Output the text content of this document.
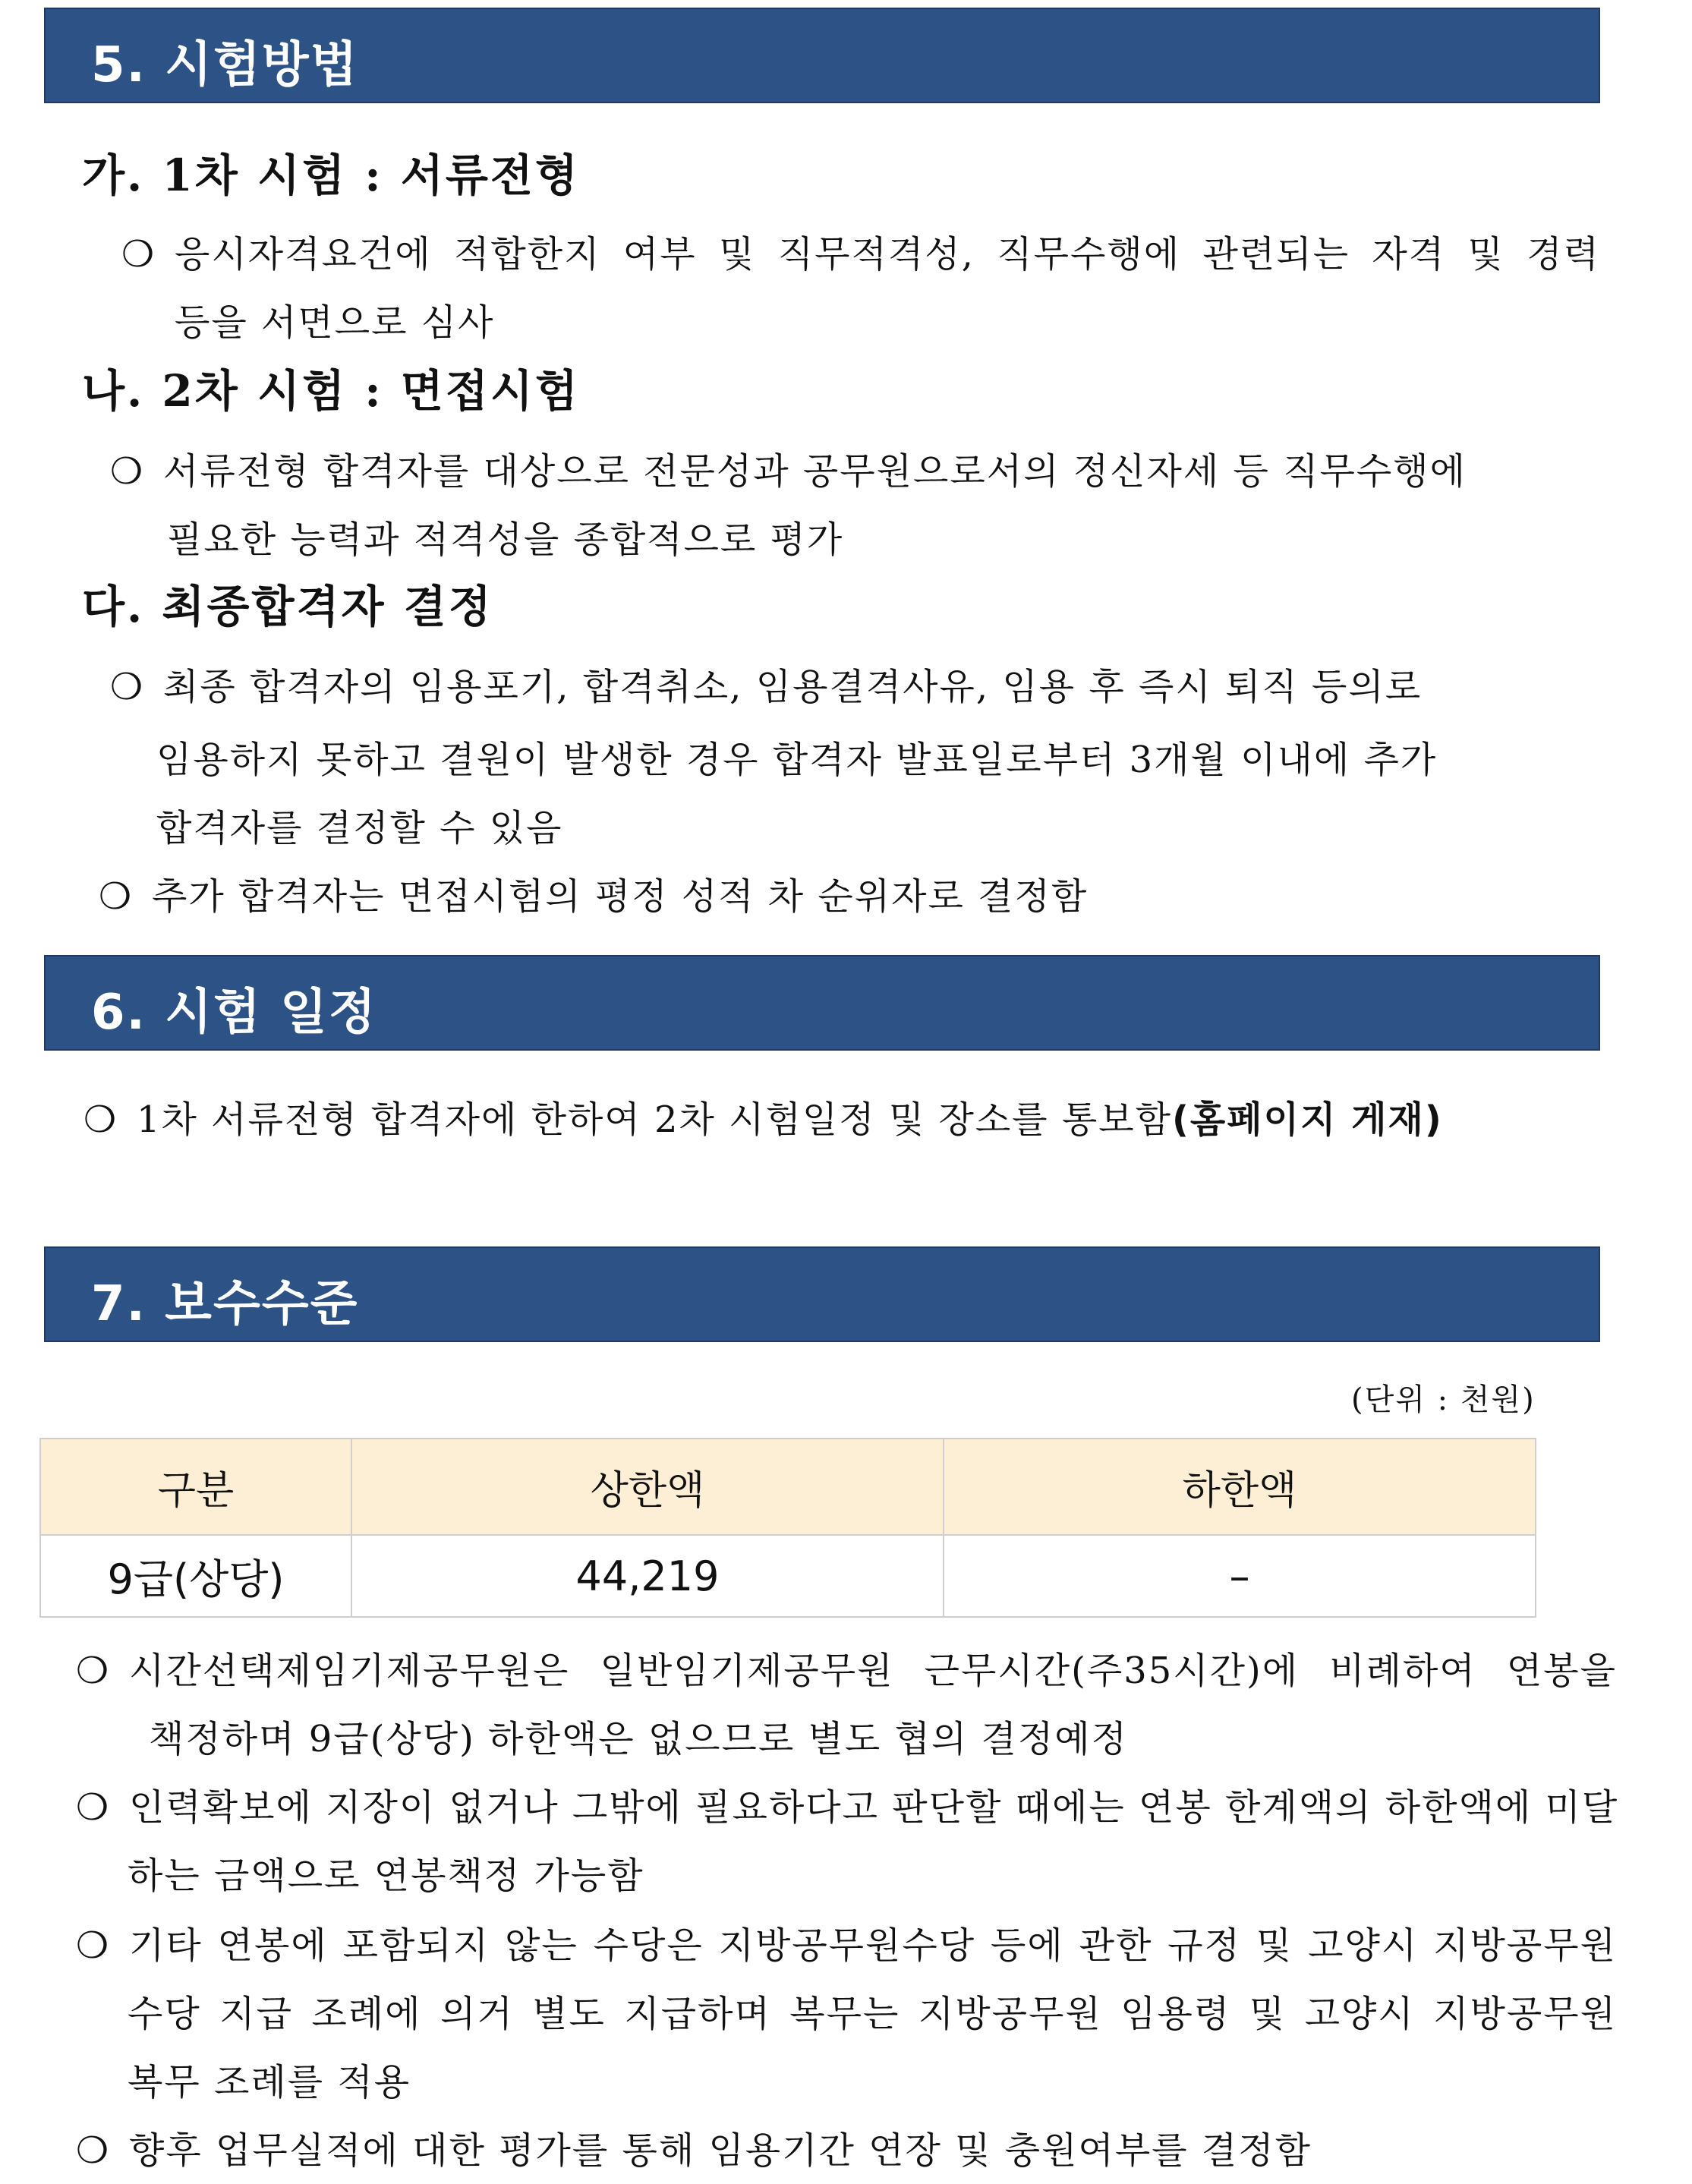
5. 시험방법
가. 1차 시험 : 서류전형
❍ 응시자격요건에 적합한지 여부 및 직무적격성, 직무수행에 관련되는 자격 및 경력
등을 서면으로 심사
나. 2차 시험 : 면접시험
❍ 서류전형 합격자를 대상으로 전문성과 공무원으로서의 정신자세 등 직무수행에
필요한 능력과 적격성을 종합적으로 평가
다. 최종합격자 결정
❍ 최종 합격자의 임용포기, 합격취소, 임용결격사유, 임용 후 즉시 퇴직 등의로
임용하지 못하고 결원이 발생한 경우 합격자 발표일로부터 3개월 이내에 추가
합격자를 결정할 수 있음
❍ 추가 합격자는 면접시험의 평정 성적 차 순위자로 결정함
6. 시험 일정
❍ 1차 서류전형 합격자에 한하여 2차 시험일정 및 장소를 통보함(홈페이지 게재)
7. 보수수준
(단위 : 천원)
구분	상한액	하한액
9급(상당)	44,219	–
❍ 시간선택제임기제공무원은 일반임기제공무원 근무시간(주35시간)에 비례하여 연봉을
책정하며 9급(상당) 하한액은 없으므로 별도 협의 결정예정
❍ 인력확보에 지장이 없거나 그밖에 필요하다고 판단할 때에는 연봉 한계액의 하한액에 미달
하는 금액으로 연봉책정 가능함
❍ 기타 연봉에 포함되지 않는 수당은 지방공무원수당 등에 관한 규정 및 고양시 지방공무원
수당 지급 조례에 의거 별도 지급하며 복무는 지방공무원 임용령 및 고양시 지방공무원
복무 조례를 적용
❍ 향후 업무실적에 대한 평가를 통해 임용기간 연장 및 충원여부를 결정함
